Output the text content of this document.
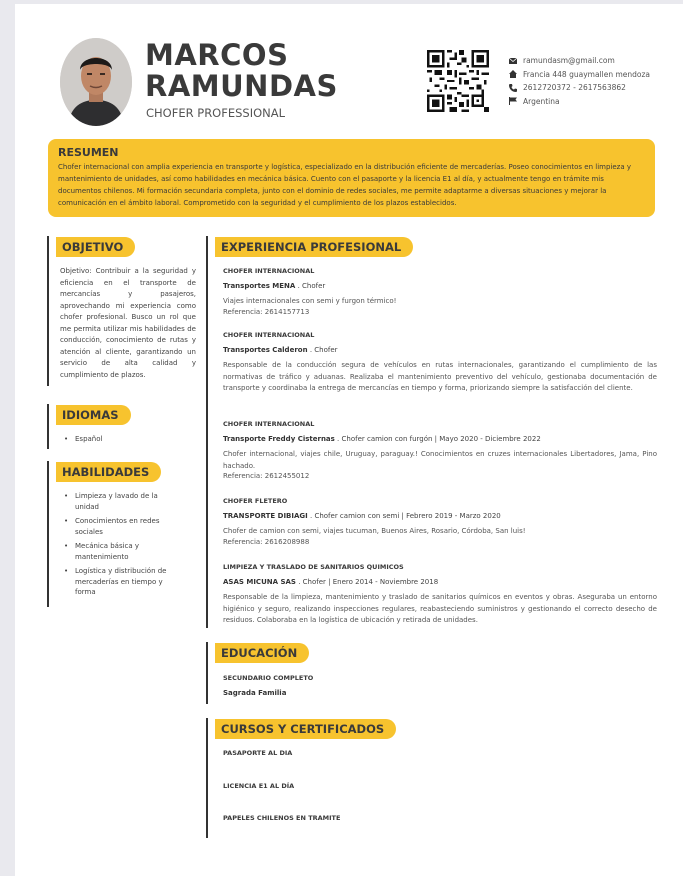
MARCOS
RAMUNDAS
CHOFER PROFESSIONAL
ramundasm@gmail.com
Francia 448 guaymallen mendoza
2612720372 - 2617563862
Argentina
RESUMEN

Chofer internacional con amplia experiencia en transporte y logística, especializado en la distribución eficiente de mercaderías. Poseo conocimientos en limpieza y mantenimiento de unidades, así como habilidades en mecánica básica. Cuento con el pasaporte y la licencia E1 al día, y actualmente tengo en trámite mis documentos chilenos. Mi formación secundaria completa, junto con el dominio de redes sociales, me permite adaptarme a diversas situaciones y mejorar la comunicación en el ámbito laboral. Comprometido con la seguridad y el cumplimiento de los plazos establecidos.

OBJETIVO
Objetivo: Contribuir a la seguridad y eficiencia en el transporte de mercancías y pasajeros, aprovechando mi experiencia como chofer profesional. Busco un rol que me permita utilizar mis habilidades de conducción, conocimiento de rutas y atención al cliente, garantizando un servicio de alta calidad y cumplimiento de plazos.
IDIOMAS
• Español
HABILIDADES
• Limpieza y lavado de la unidad
• Conocimientos en redes sociales
• Mecánica básica y mantenimiento
• Logística y distribución de mercaderías en tiempo y forma
EXPERIENCIA PROFESIONAL
CHOFER INTERNACIONAL
Transportes MENA . Chofer
Viajes internacionales con semi y furgon térmico!
Referencia: 2614157713
CHOFER INTERNACIONAL
Transportes Calderon . Chofer
Responsable de la conducción segura de vehículos en rutas internacionales, garantizando el cumplimiento de las normativas de tráfico y aduanas. Realizaba el mantenimiento preventivo del vehículo, gestionaba documentación de transporte y coordinaba la entrega de mercancías en tiempo y forma, priorizando siempre la satisfacción del cliente.
CHOFER INTERNACIONAL
Transporte Freddy Cisternas . Chofer camion con furgón | Mayo 2020 - Diciembre 2022
Chofer internacional, viajes chile, Uruguay, paraguay.! Conocimientos en cruzes internacionales Libertadores, Jama, Pino hachado.
Referencia: 2612455012
CHOFER FLETERO
TRANSPORTE DIBIAGI . Chofer camion con semi | Febrero 2019 - Marzo 2020
Chofer de camion con semi, viajes tucuman, Buenos Aires, Rosario, Córdoba, San luis!
Referencia: 2616208988
LIMPIEZA Y TRASLADO DE SANITARIOS QUIMICOS
ASAS MICUNA SAS . Chofer | Enero 2014 - Noviembre 2018
Responsable de la limpieza, mantenimiento y traslado de sanitarios químicos en eventos y obras. Aseguraba un entorno higiénico y seguro, realizando inspecciones regulares, reabasteciendo suministros y gestionando el correcto desecho de residuos. Colaboraba en la logística de ubicación y retirada de unidades.
EDUCACIÓN
SECUNDARIO COMPLETO
Sagrada Familia
CURSOS Y CERTIFICADOS
PASAPORTE AL DIA
LICENCIA E1 AL DÍA
PAPELES CHILENOS EN TRAMITE
